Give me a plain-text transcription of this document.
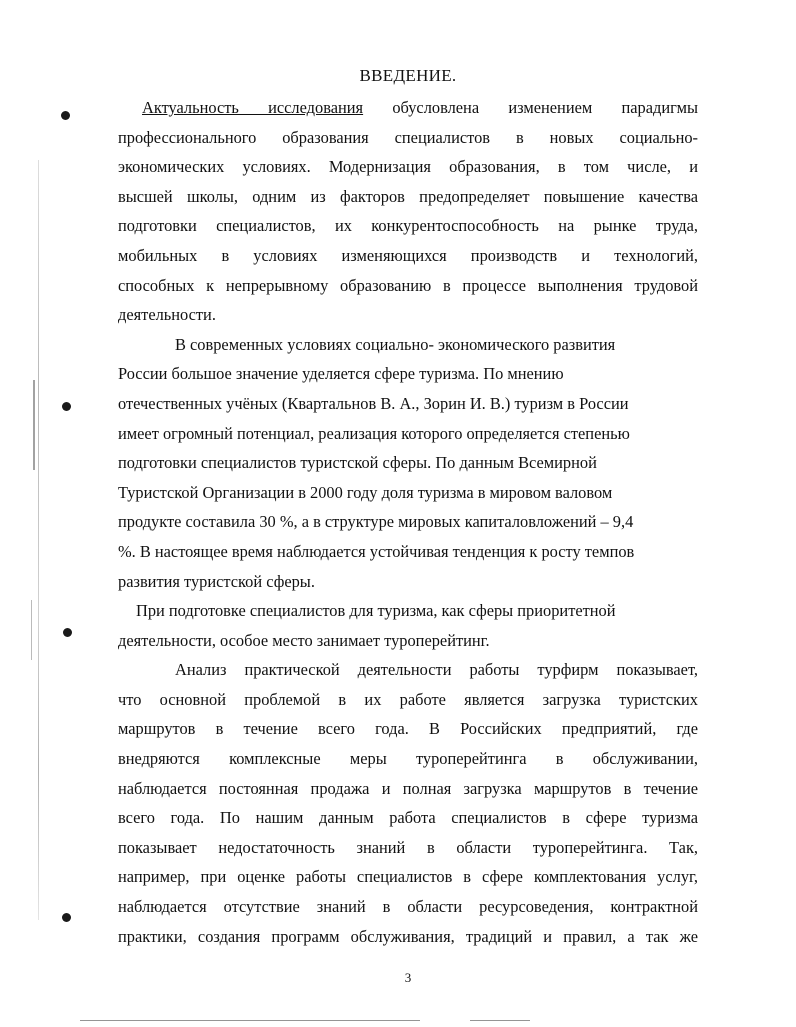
ВВЕДЕНИЕ.
Актуальность исследования обусловлена изменением парадигмы
профессионального образования специалистов в новых социально-
экономических условиях. Модернизация образования, в том числе, и
высшей школы, одним из факторов предопределяет повышение качества
подготовки специалистов, их конкурентоспособность на рынке труда,
мобильных в условиях изменяющихся производств и технологий,
способных к непрерывному образованию в процессе выполнения трудовой
деятельности.
В современных условиях социально- экономического развития
России большое значение уделяется сфере туризма. По мнению
отечественных учёных (Квартальнов В. А., Зорин И. В.) туризм в России
имеет огромный потенциал, реализация которого определяется степенью
подготовки специалистов туристской сферы. По данным Всемирной
Туристской Организации в 2000 году доля туризма в мировом валовом
продукте составила 30 %, а в структуре мировых капиталовложений – 9,4
%. В настоящее время наблюдается устойчивая тенденция к росту темпов
развития туристской сферы.
При подготовке специалистов для туризма, как сферы приоритетной
деятельности, особое место занимает туроперейтинг.
Анализ практической деятельности работы турфирм показывает,
что основной проблемой в их работе является загрузка туристских
маршрутов в течение всего года. В Российских предприятий, где
внедряются комплексные меры туроперейтинга в обслуживании,
наблюдается постоянная продажа и полная загрузка маршрутов в течение
всего года. По нашим данным работа специалистов в сфере туризма
показывает недостаточность знаний в области туроперейтинга. Так,
например, при оценке работы специалистов в сфере комплектования услуг,
наблюдается отсутствие знаний в области ресурсоведения, контрактной
практики, создания программ обслуживания, традиций и правил, а так же
3
